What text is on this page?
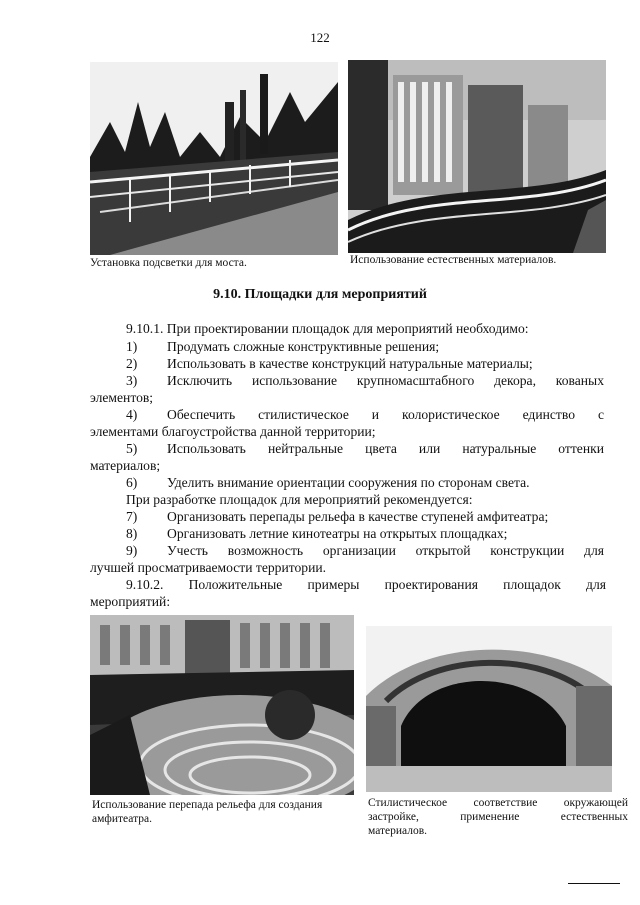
122
Установка подсветки для моста.	Использование естественных материалов.
9.10. Площадки для мероприятий
9.10.1. При проектировании площадок для мероприятий необходимо:
1) Продумать сложные конструктивные решения;
2) Использовать в качестве конструкций натуральные материалы;
3) Исключить использование крупномасштабного декора, кованых
элементов;
4) Обеспечить стилистическое и колористическое единство с
элементами благоустройства данной территории;
5) Использовать нейтральные цвета или натуральные оттенки
материалов;
6) Уделить внимание ориентации сооружения по сторонам света.
При разработке площадок для мероприятий рекомендуется:
7) Организовать перепады рельефа в качестве ступеней амфитеатра;
8) Организовать летние кинотеатры на открытых площадках;
9) Учесть возможность организации открытой конструкции для
лучшей просматриваемости территории.
9.10.2. Положительные примеры проектирования площадок для
мероприятий:
Использование перепада рельефа для создания
амфитеатра.
Стилистическое соответствие окружающей
застройке, применение естественных
материалов.
